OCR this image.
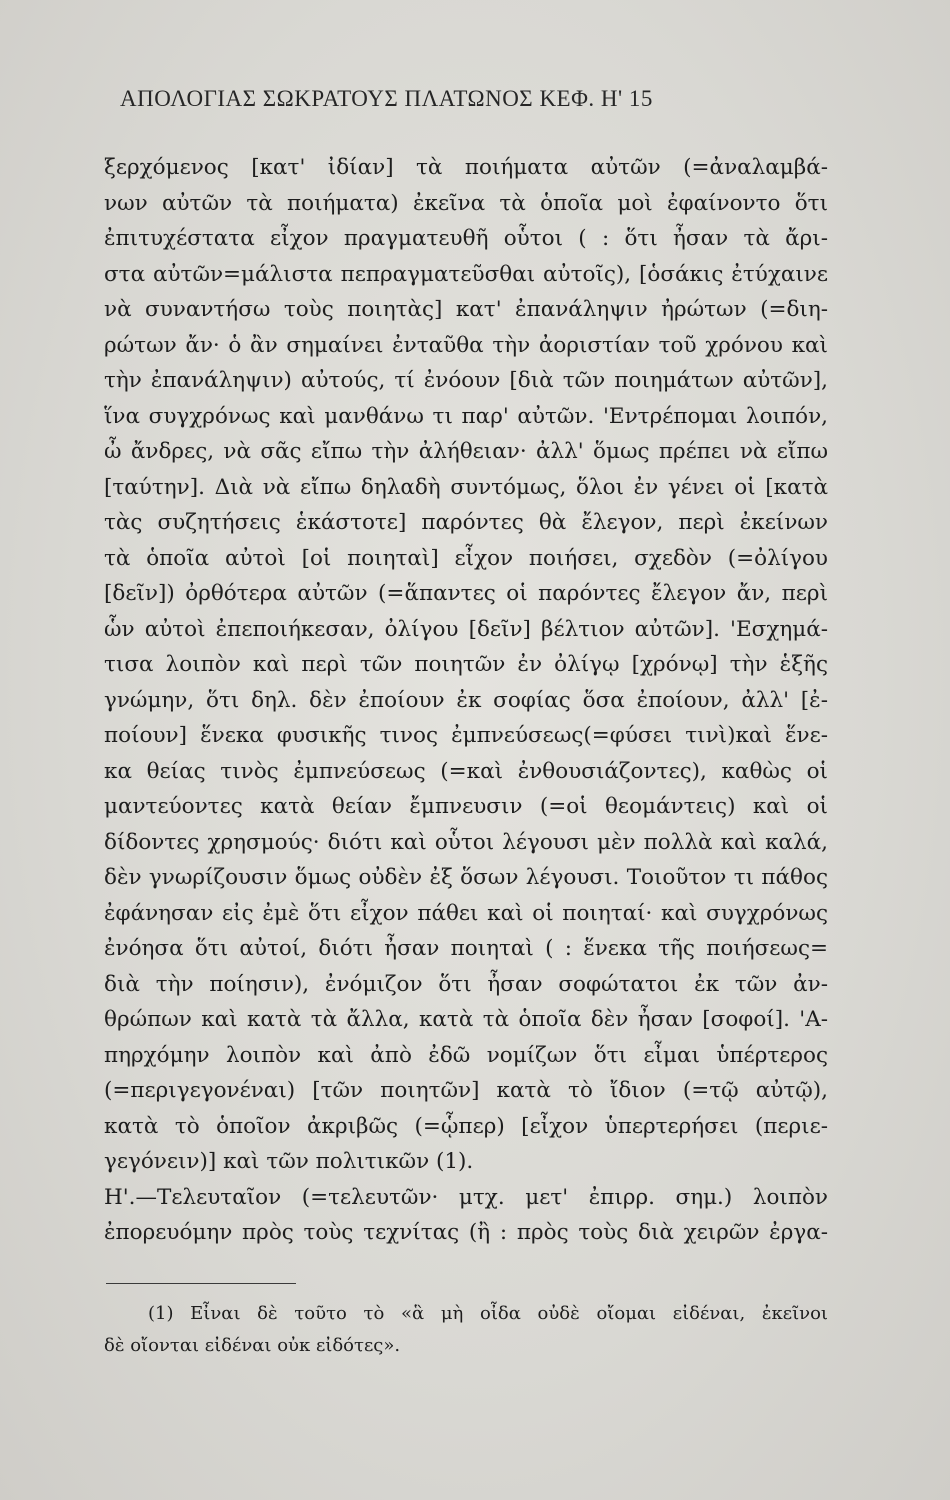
ΑΠΟΛΟΓΙΑΣ ΣΩΚΡΑΤΟΥΣ ΠΛΑΤΩΝΟΣ ΚΕΦ. Η' 15
ξερχόμενος [κατ' ἰδίαν] τὰ ποιήματα αὐτῶν (=ἀναλαμβά-
νων αὐτῶν τὰ ποιήματα) ἐκεῖνα τὰ ὁποῖα μοὶ ἐφαίνοντο ὅτι
ἐπιτυχέστατα εἶχον πραγματευθῆ οὗτοι ( : ὅτι ἦσαν τὰ ἄρι-
στα αὐτῶν=μάλιστα πεπραγματεῦσθαι αὐτοῖς), [ὁσάκις ἐτύχαινε
νὰ συναντήσω τοὺς ποιητὰς] κατ' ἐπανάληψιν ἠρώτων (=διη-
ρώτων ἄν· ὁ ἂν σημαίνει ἐνταῦθα τὴν ἀοριστίαν τοῦ χρόνου καὶ
τὴν ἐπανάληψιν) αὐτούς, τί ἐνόουν [διὰ τῶν ποιημάτων αὐτῶν],
ἵνα συγχρόνως καὶ μανθάνω τι παρ' αὐτῶν. 'Εντρέπομαι λοιπόν,
ὦ ἄνδρες, νὰ σᾶς εἴπω τὴν ἀλήθειαν· ἀλλ' ὅμως πρέπει νὰ εἴπω
[ταύτην]. Διὰ νὰ εἴπω δηλαδὴ συντόμως, ὅλοι ἐν γένει οἱ [κατὰ
τὰς συζητήσεις ἑκάστοτε] παρόντες θὰ ἔλεγον, περὶ ἐκείνων
τὰ ὁποῖα αὐτοὶ [οἱ ποιηταὶ] εἶχον ποιήσει, σχεδὸν (=ὀλίγου
[δεῖν]) ὀρθότερα αὐτῶν (=ἅπαντες οἱ παρόντες ἔλεγον ἄν, περὶ
ὧν αὐτοὶ ἐπεποιήκεσαν, ὀλίγου [δεῖν] βέλτιον αὐτῶν]. 'Εσχημά-
τισα λοιπὸν καὶ περὶ τῶν ποιητῶν ἐν ὀλίγῳ [χρόνῳ] τὴν ἑξῆς
γνώμην, ὅτι δηλ. δὲν ἐποίουν ἐκ σοφίας ὅσα ἐποίουν, ἀλλ' [ἐ-
ποίουν] ἕνεκα φυσικῆς τινος ἐμπνεύσεως(=φύσει τινὶ)καὶ ἕνε-
κα θείας τινὸς ἐμπνεύσεως (=καὶ ἐνθουσιάζοντες), καθὼς οἱ
μαντεύοντες κατὰ θείαν ἔμπνευσιν (=οἱ θεομάντεις) καὶ οἱ
δίδοντες χρησμούς· διότι καὶ οὗτοι λέγουσι μὲν πολλὰ καὶ καλά,
δὲν γνωρίζουσιν ὅμως οὐδὲν ἐξ ὅσων λέγουσι. Τοιοῦτον τι πάθος
ἐφάνησαν εἰς ἐμὲ ὅτι εἶχον πάθει καὶ οἱ ποιηταί· καὶ συγχρόνως
ἐνόησα ὅτι αὐτοί, διότι ἦσαν ποιηταὶ ( : ἕνεκα τῆς ποιήσεως=
διὰ τὴν ποίησιν), ἐνόμιζον ὅτι ἦσαν σοφώτατοι ἐκ τῶν ἀν-
θρώπων καὶ κατὰ τὰ ἄλλα, κατὰ τὰ ὁποῖα δὲν ἦσαν [σοφοί]. 'Α-
πηρχόμην λοιπὸν καὶ ἀπὸ ἐδῶ νομίζων ὅτι εἶμαι ὑπέρτερος
(=περιγεγονέναι) [τῶν ποιητῶν] κατὰ τὸ ἴδιον (=τῷ αὐτῷ),
κατὰ τὸ ὁποῖον ἀκριβῶς (=ᾧπερ) [εἶχον ὑπερτερήσει (περιε-
γεγόνειν)] καὶ τῶν πολιτικῶν (1).
Η'.—Τελευταῖον (=τελευτῶν· μτχ. μετ' ἐπιρρ. σημ.) λοιπὸν
ἐπορευόμην πρὸς τοὺς τεχνίτας (ἢ : πρὸς τοὺς διὰ χειρῶν ἐργα-
(1) Εἶναι δὲ τοῦτο τὸ «ἃ μὴ οἶδα οὐδὲ οἴομαι εἰδέναι, ἐκεῖνοι
δὲ οἴονται εἰδέναι οὐκ εἰδότες».
